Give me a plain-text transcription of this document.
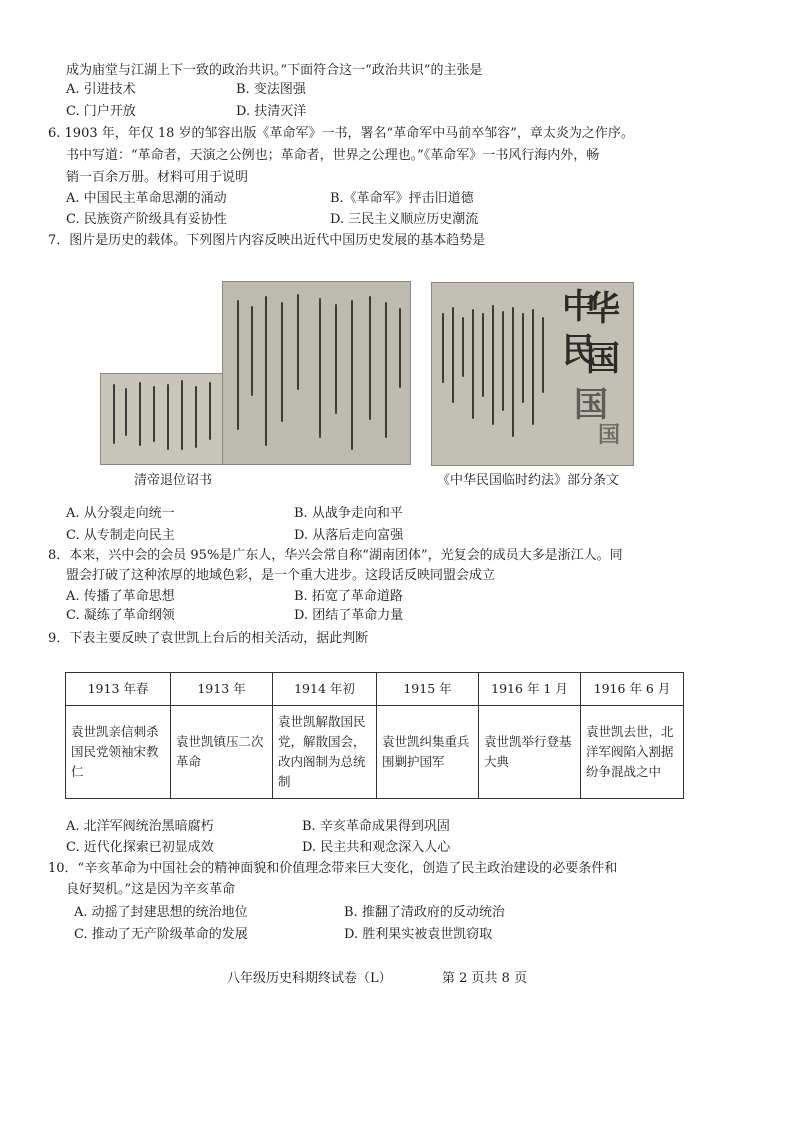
成为庙堂与江湖上下一致的政治共识。”下面符合这一“政治共识”的主张是
A. 引进技术	B. 变法图强
C. 门户开放	D. 扶清灭洋
6. 1903 年，年仅 18 岁的邹容出版《革命军》一书，署名“革命军中马前卒邹容”，章太炎为之作序。
书中写道：“革命者，天演之公例也；革命者，世界之公理也。”《革命军》一书风行海内外，畅
销一百余万册。材料可用于说明
A. 中国民主革命思潮的涌动	B.《革命军》抨击旧道德
C. 民族资产阶级具有妥协性	D. 三民主义顺应历史潮流
7．图片是历史的载体。下列图片内容反映出近代中国历史发展的基本趋势是
中
华
民
国
国
国
清帝退位诏书	《中华民国临时约法》部分条文
A. 从分裂走向统一	B. 从战争走向和平
C. 从专制走向民主	D. 从落后走向富强
8．本来，兴中会的会员 95%是广东人，华兴会常自称“湖南团体”，光复会的成员大多是浙江人。同
盟会打破了这种浓厚的地域色彩，是一个重大进步。这段话反映同盟会成立
A. 传播了革命思想	B. 拓宽了革命道路
C. 凝练了革命纲领	D. 团结了革命力量
9．下表主要反映了袁世凯上台后的相关活动，据此判断
1913 年春	1913 年	1914 年初	1915 年	1916 年 1 月	1916 年 6 月
袁世凯亲信刺杀国民党领袖宋教仁	袁世凯镇压二次革命	袁世凯解散国民党，解散国会，改内阁制为总统制	袁世凯纠集重兵围剿护国军	袁世凯举行登基大典	袁世凯去世，北洋军阀陷入割据纷争混战之中
A. 北洋军阀统治黑暗腐朽	B. 辛亥革命成果得到巩固
C. 近代化探索已初显成效	D. 民主共和观念深入人心
10．“辛亥革命为中国社会的精神面貌和价值理念带来巨大变化，创造了民主政治建设的必要条件和
良好契机。”这是因为辛亥革命
A. 动摇了封建思想的统治地位	B. 推翻了清政府的反动统治
C. 推动了无产阶级革命的发展	D. 胜利果实被袁世凯窃取
八年级历史科期终试卷（L）	第 2 页共 8 页
